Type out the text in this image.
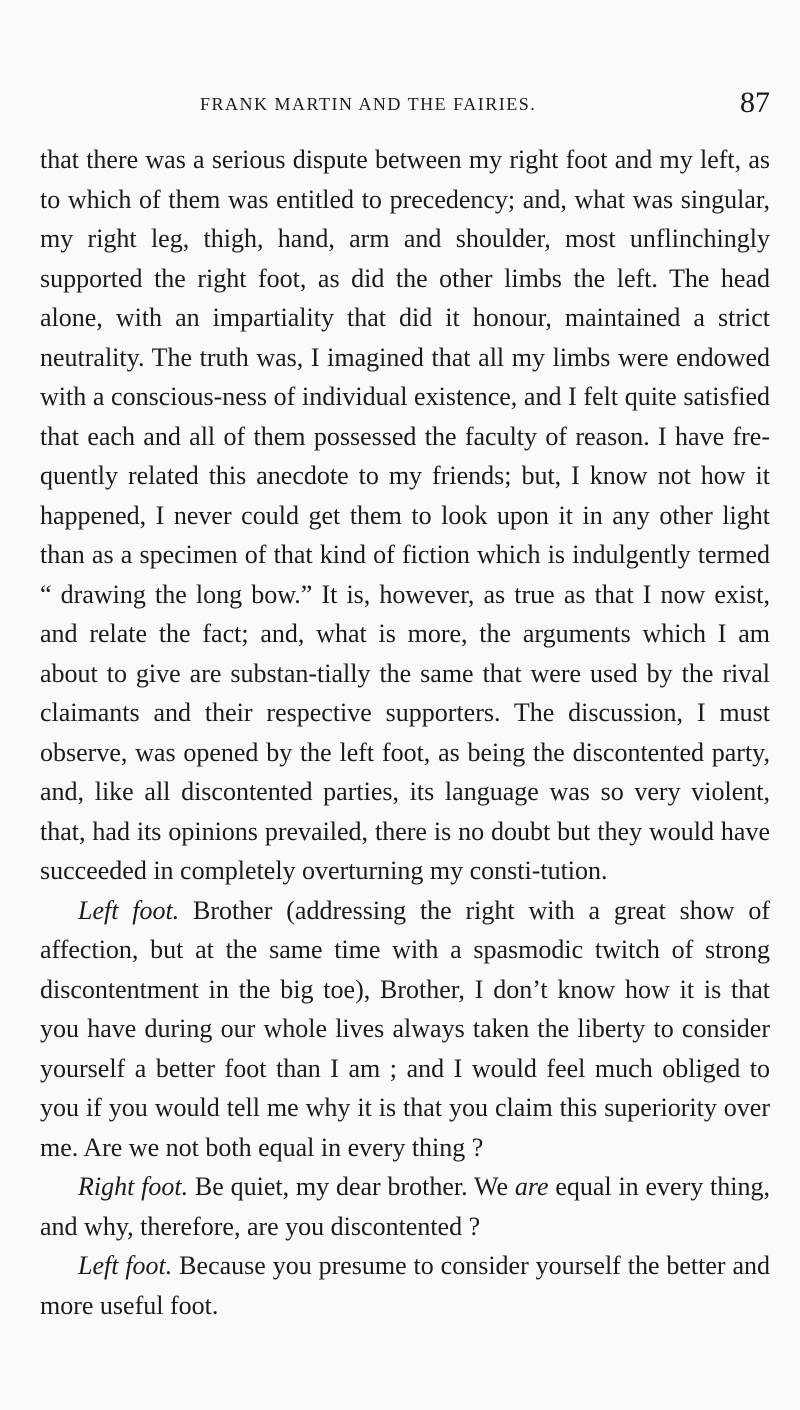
FRANK MARTIN AND THE FAIRIES.	87

that there was a serious dispute between my right foot and my left, as to which of them was entitled to precedency; and, what was singular, my right leg, thigh, hand, arm and shoulder, most unflinchingly supported the right foot, as did the other limbs the left. The head alone, with an impartiality that did it honour, maintained a strict neutrality. The truth was, I imagined that all my limbs were endowed with a conscious-ness of individual existence, and I felt quite satisfied that each and all of them possessed the faculty of reason. I have fre-quently related this anecdote to my friends; but, I know not how it happened, I never could get them to look upon it in any other light than as a specimen of that kind of fiction which is indulgently termed “ drawing the long bow.” It is, however, as true as that I now exist, and relate the fact; and, what is more, the arguments which I am about to give are substan-tially the same that were used by the rival claimants and their respective supporters. The discussion, I must observe, was opened by the left foot, as being the discontented party, and, like all discontented parties, its language was so very violent, that, had its opinions prevailed, there is no doubt but they would have succeeded in completely overturning my consti-tution.

Left foot. Brother (addressing the right with a great show of affection, but at the same time with a spasmodic twitch of strong discontentment in the big toe), Brother, I don’t know how it is that you have during our whole lives always taken the liberty to consider yourself a better foot than I am ; and I would feel much obliged to you if you would tell me why it is that you claim this superiority over me. Are we not both equal in every thing ?

Right foot. Be quiet, my dear brother. We are equal in every thing, and why, therefore, are you discontented ?

Left foot. Because you presume to consider yourself the better and more useful foot.
